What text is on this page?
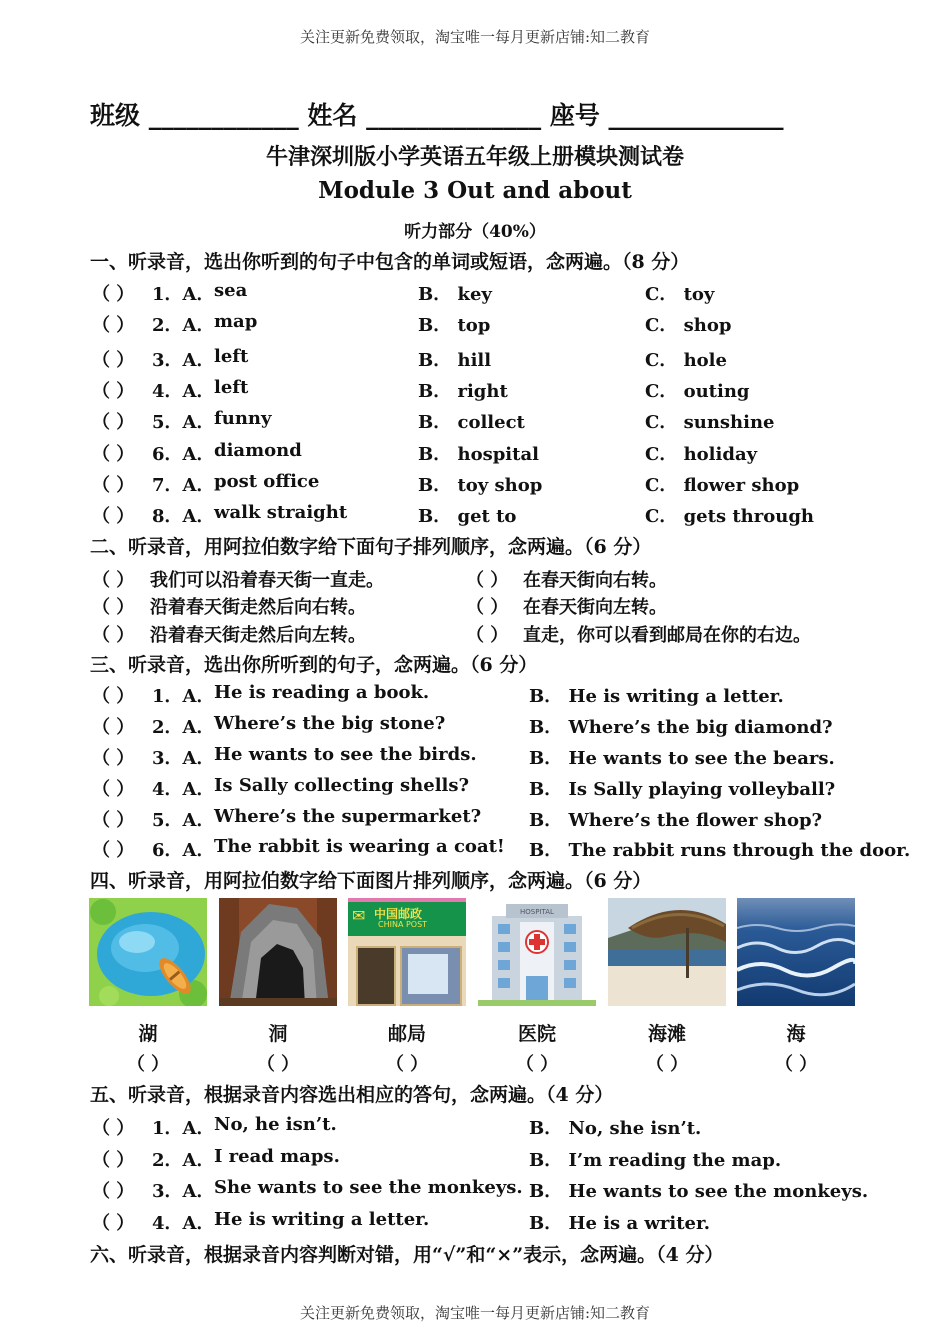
关注更新免费领取，淘宝唯一每月更新店铺:知二教育
班级 ____________ 姓名 ______________ 座号 ______________
牛津深圳版小学英语五年级上册模块测试卷
Module 3 Out and about
听力部分（40%）
一、听录音，选出你听到的句子中包含的单词或短语，念两遍。（8 分）
（ ） 1．A． sea	B． key	C． toy
（ ） 2．A． map	B． top	C． shop
（ ） 3．A． left	B． hill	C． hole
（ ） 4．A． left	B． right	C． outing
（ ） 5．A． funny	B． collect	C． sunshine
（ ） 6．A． diamond	B． hospital	C． holiday
（ ） 7．A． post office	B． toy shop	C． flower shop
（ ） 8．A． walk straight	B． get to	C． gets through
二、听录音，用阿拉伯数字给下面句子排列顺序，念两遍。（6 分）
（ ） 我们可以沿着春天街一直走。	（ ） 在春天街向右转。
（ ） 沿着春天街走然后向右转。	（ ） 在春天街向左转。
（ ） 沿着春天街走然后向左转。	（ ） 直走，你可以看到邮局在你的右边。
三、听录音，选出你所听到的句子，念两遍。（6 分）
（ ） 1．A． He is reading a book.	B． He is writing a letter.
（ ） 2．A． Where’s the big stone?	B． Where’s the big diamond?
（ ） 3．A． He wants to see the birds.	B． He wants to see the bears.
（ ） 4．A． Is Sally collecting shells?	B． Is Sally playing volleyball?
（ ） 5．A． Where’s the supermarket?	B． Where’s the flower shop?
（ ） 6．A． The rabbit is wearing a coat! B． The rabbit runs through the door.
四、听录音，用阿拉伯数字给下面图片排列顺序，念两遍。（6 分）
✉ 中国邮政
CHINA POST
HOSPITAL
湖	洞	邮局	医院	海滩	海
（ ）	（ ）	（ ）	（ ）	（ ）	（ ）
五、听录音，根据录音内容选出相应的答句，念两遍。（4 分）
（ ） 1．A． No, he isn’t.	B． No, she isn’t.
（ ） 2．A． I read maps.	B． I’m reading the map.
（ ） 3．A． She wants to see the monkeys. B． He wants to see the monkeys.
（ ） 4．A． He is writing a letter.	B． He is a writer.
六、听录音，根据录音内容判断对错，用“√”和“×”表示，念两遍。（4 分）
关注更新免费领取，淘宝唯一每月更新店铺:知二教育
